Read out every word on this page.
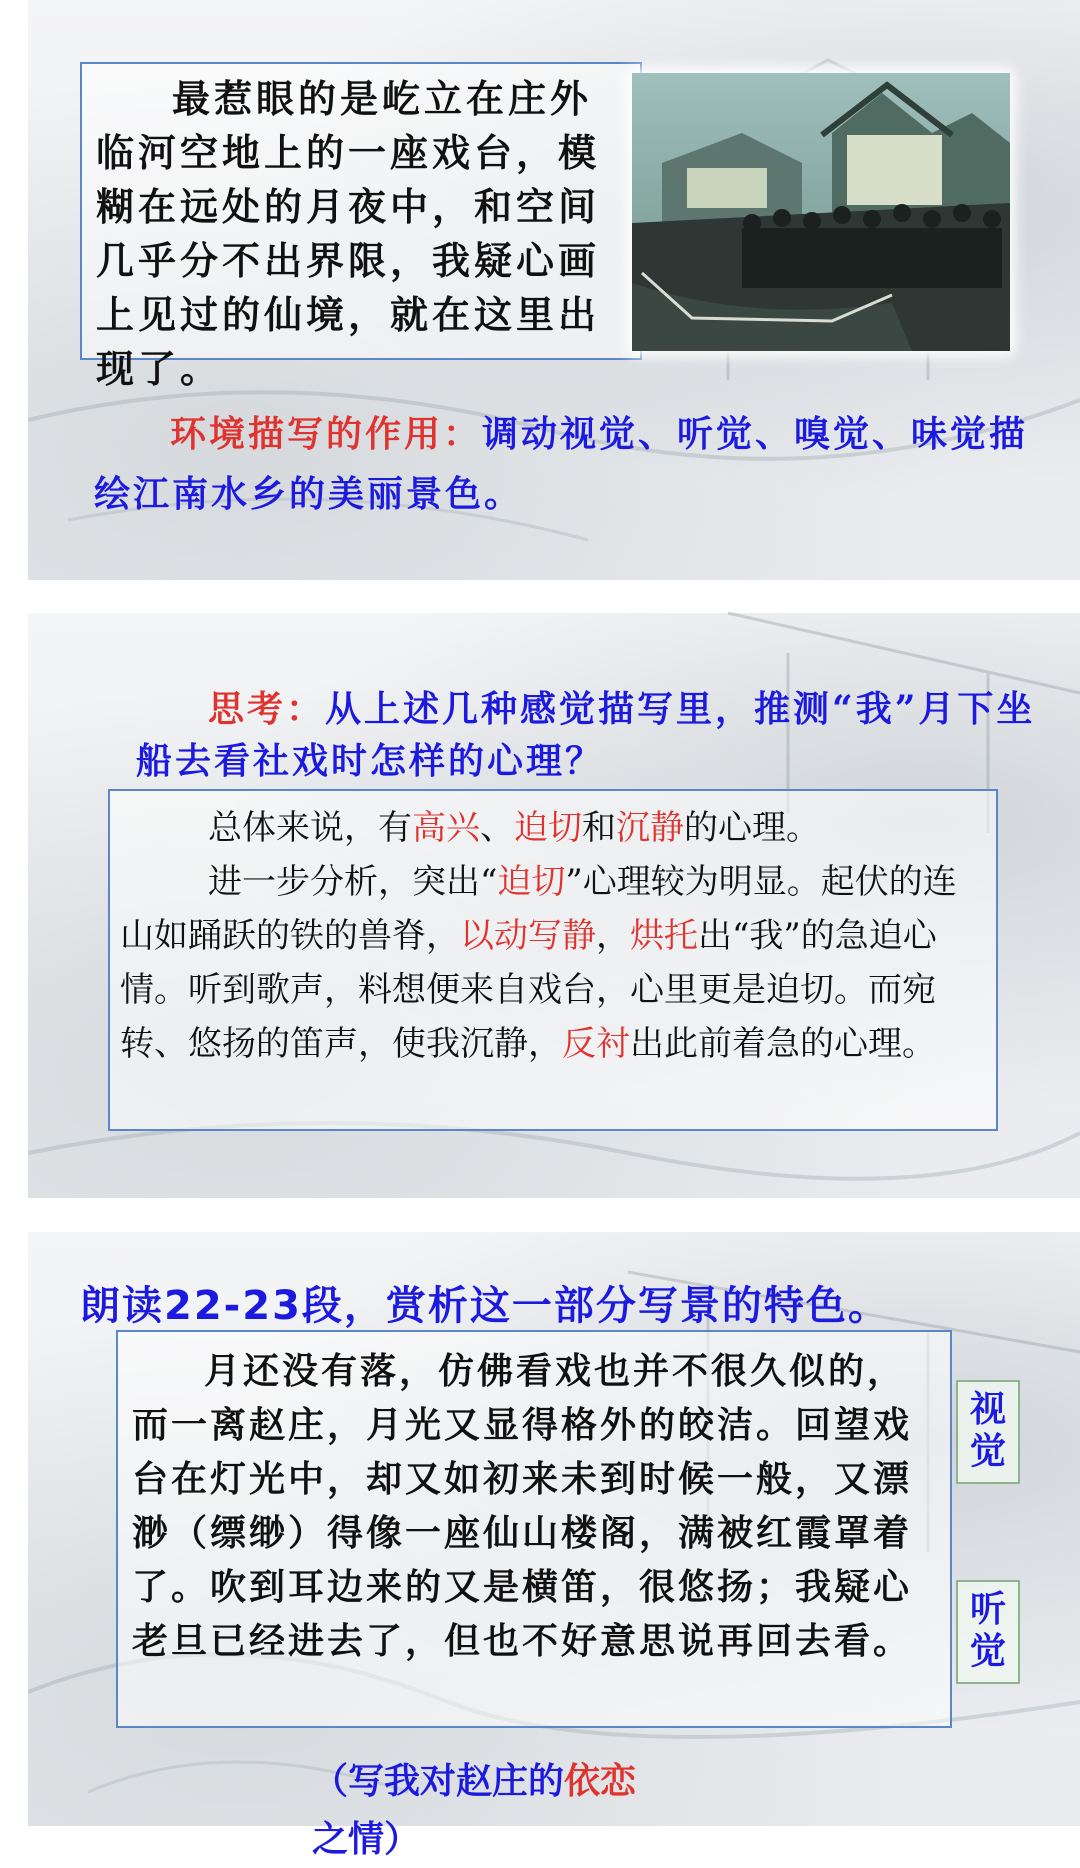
最惹眼的是屹立在庄外临河空地上的一座戏台，模糊在远处的月夜中，和空间几乎分不出界限，我疑心画上见过的仙境，就在这里出现了。

环境描写的作用：调动视觉、听觉、嗅觉、味觉描绘江南水乡的美丽景色。
思考：从上述几种感觉描写里，推测“我”月下坐船去看社戏时怎样的心理？

总体来说，有高兴、迫切和沉静的心理。

进一步分析，突出“迫切”心理较为明显。起伏的连山如踊跃的铁的兽脊，以动写静，烘托出“我”的急迫心情。听到歌声，料想便来自戏台，心里更是迫切。而宛转、悠扬的笛声，使我沉静，反衬出此前着急的心理。

朗读22-23段，赏析这一部分写景的特色。

月还没有落，仿佛看戏也并不很久似的，而一离赵庄，月光又显得格外的皎洁。回望戏台在灯光中，却又如初来未到时候一般，又漂渺（缥缈）得像一座仙山楼阁，满被红霞罩着了。吹到耳边来的又是横笛，很悠扬；我疑心老旦已经进去了，但也不好意思说再回去看。

视觉
听觉
（写我对赵庄的依恋之情）
